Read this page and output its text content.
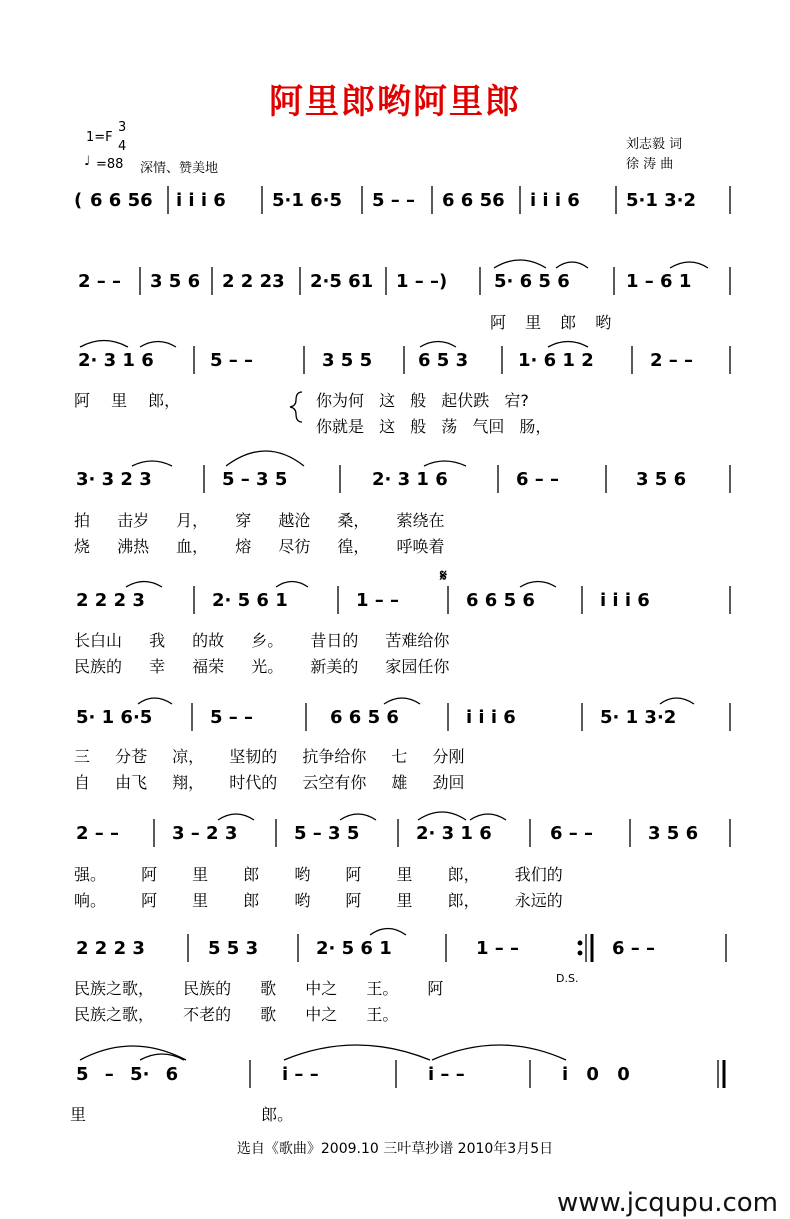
阿里郎哟阿里郎
1=F
3
4
♩ =88 深情、赞美地
刘志毅 词
徐 涛 曲
( 6 6 56 i i i 6	5·1 6·5 5 – – 6 6 56 i i i 6	5·1 3·2
2 – – 3 5 6 2 2 23 2·5 61 1 – –)	5· 6 5 6	1 – 6 1
阿 里 郎 哟
2· 3 1 6	5 – –	3 5 5	6 5 3	1· 6 1 2	2 – –
阿 里 郎，	你为何 这 般 起伏跌 宕?
你就是 这 般 荡 气回 肠，
3· 3 2 3	5 – 3 5	2· 3 1 6	6 – –	3 5 6
拍 击岁 月， 穿 越沧 桑， 萦绕在
烧 沸热 血， 熔 尽彷 徨， 呼唤着
2 2 2 3	2· 5 6 1	1 – –	6 6 5 6	i i i 6
𝄋
长白山 我 的故 乡。 昔日的 苦难给你
民族的 幸 福荣 光。 新美的 家园任你
5· 1 6·5	5 – –	6 6 5 6	i i i 6	5· 1 3·2
三 分苍 凉， 坚韧的 抗争给你 七 分刚
自 由飞 翔， 时代的 云空有你 雄 劲回
2 – –	3 – 2 3	5 – 3 5	2· 3 1 6	6 – –	3 5 6
强。 阿 里 郎 哟 阿 里 郎， 我们的
响。 阿 里 郎 哟 阿 里 郎， 永远的
2 2 2 3	5 5 3	2· 5 6 1	1 – –	6 – –
民族之歌， 民族的 歌 中之 王。 阿
民族之歌， 不老的 歌 中之 王。
D.S.
5 – 5· 6	i – –	i – –	i 0 0
里 郎。
选自《歌曲》2009.10 三叶草抄谱 2010年3月5日
www.jcqupu.com
